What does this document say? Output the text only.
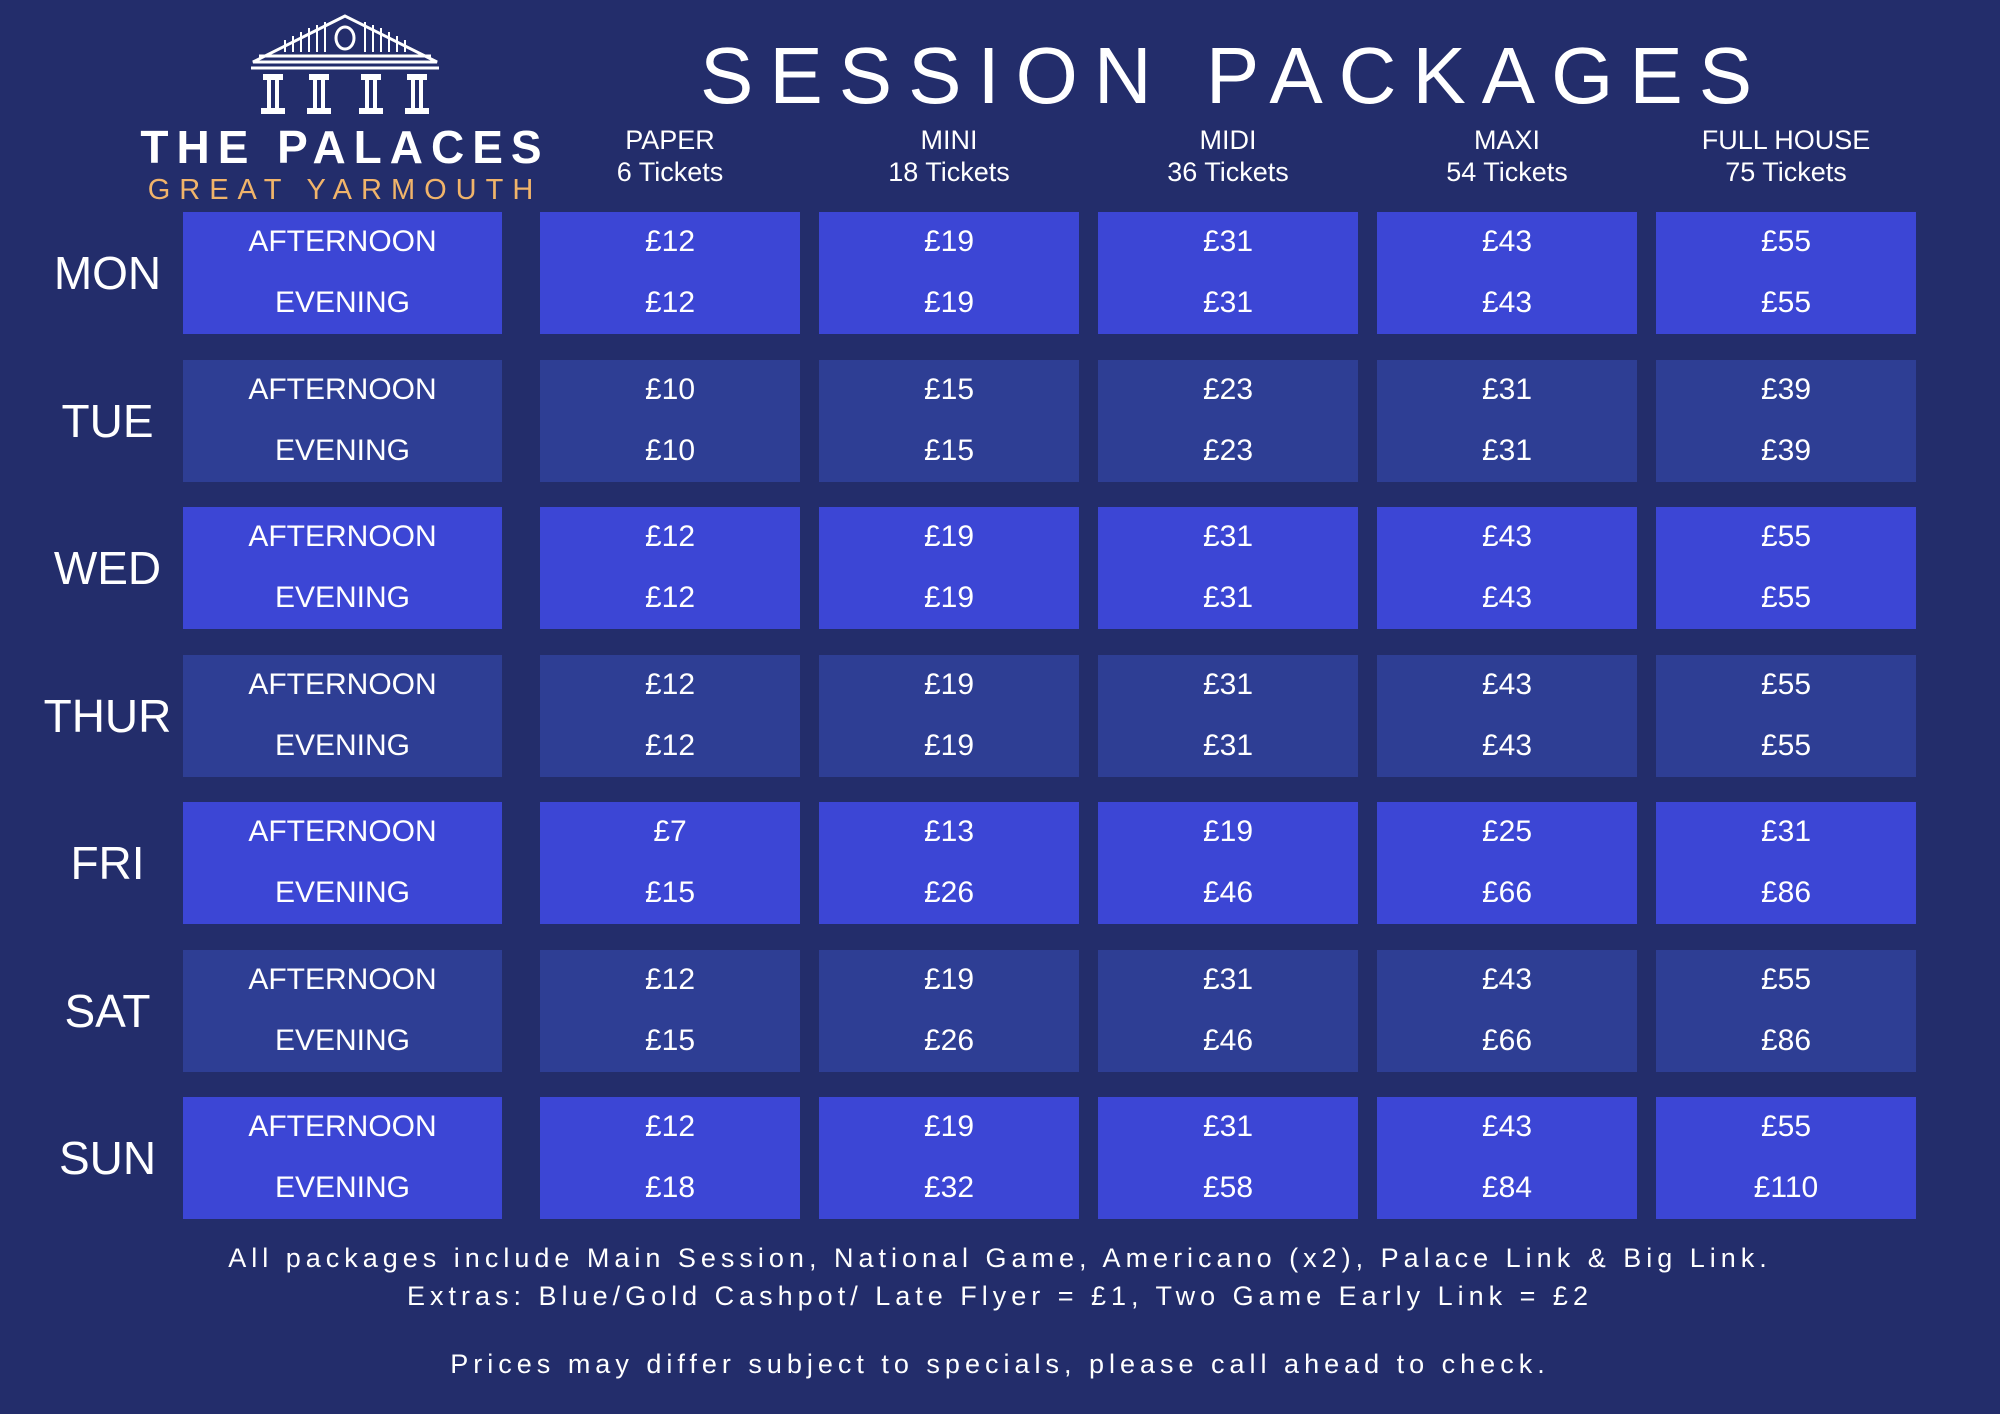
THE PALACES
GREAT YARMOUTH
SESSION PACKAGES
PAPER
6 Tickets
MINI
18 Tickets
MIDI
36 Tickets
MAXI
54 Tickets
FULL HOUSE
75 Tickets
MON
AFTERNOON
EVENING
£12
£12
£19
£19
£31
£31
£43
£43
£55
£55
TUE
AFTERNOON
EVENING
£10
£10
£15
£15
£23
£23
£31
£31
£39
£39
WED
AFTERNOON
EVENING
£12
£12
£19
£19
£31
£31
£43
£43
£55
£55
THUR
AFTERNOON
EVENING
£12
£12
£19
£19
£31
£31
£43
£43
£55
£55
FRI
AFTERNOON
EVENING
£7
£15
£13
£26
£19
£46
£25
£66
£31
£86
SAT
AFTERNOON
EVENING
£12
£15
£19
£26
£31
£46
£43
£66
£55
£86
SUN
AFTERNOON
EVENING
£12
£18
£19
£32
£31
£58
£43
£84
£55
£110
All packages include Main Session, National Game, Americano (x2), Palace Link & Big Link.
Extras: Blue/Gold Cashpot/ Late Flyer = £1, Two Game Early Link = £2
Prices may differ subject to specials, please call ahead to check.
